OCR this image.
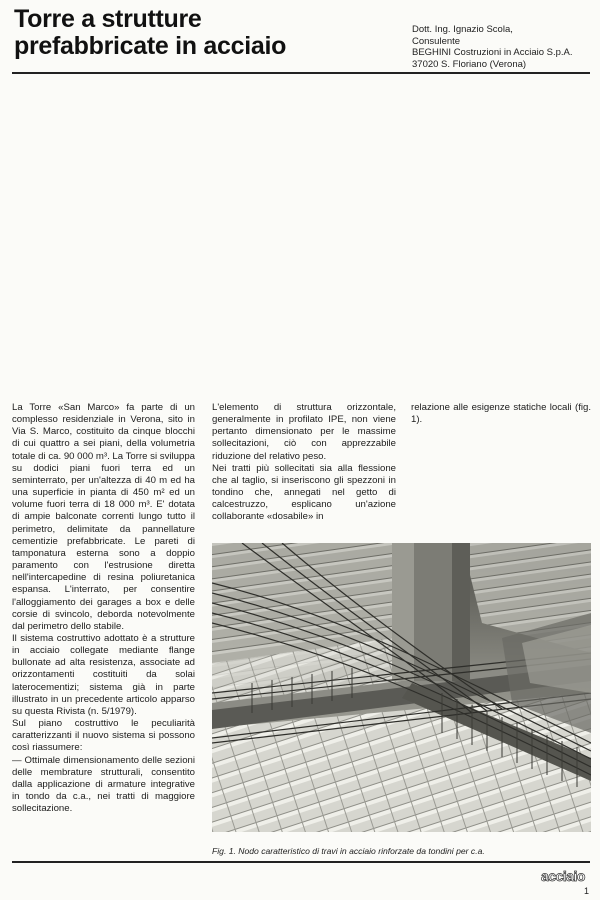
Torre a strutture prefabbricate in acciaio
Dott. Ing. Ignazio Scola,
Consulente
BEGHINI Costruzioni in Acciaio S.p.A.
37020 S. Floriano (Verona)

La Torre «San Marco» fa parte di un complesso residenziale in Verona, sito in Via S. Marco, costituito da cinque blocchi di cui quattro a sei piani, della volumetria totale di ca. 90 000 m³. La Torre si sviluppa su dodici piani fuori terra ed un seminterrato, per un'altezza di 40 m ed ha una superficie in pianta di 450 m² ed un volume fuori terra di 18 000 m³. E' dotata di ampie balconate correnti lungo tutto il perimetro, delimitate da pannellature cementizie prefabbricate. Le pareti di tamponatura esterna sono a doppio paramento con l'estrusione diretta nell'intercapedine di resina poliuretanica espansa. L'interrato, per consentire l'alloggiamento dei garages a box e delle corsie di svincolo, deborda notevolmente dal perimetro dello stabile.

Il sistema costruttivo adottato è a strutture in acciaio collegate mediante flange bullonate ad alta resistenza, associate ad orizzontamenti costituiti da solai laterocementizi; sistema già in parte illustrato in un precedente articolo apparso su questa Rivista (n. 5/1979).

Sul piano costruttivo le peculiarità caratterizzanti il nuovo sistema si possono così riassumere:

— Ottimale dimensionamento delle sezioni delle membrature strutturali, consentito dalla applicazione di armature integrative in tondo da c.a., nei tratti di maggiore sollecitazione.

L'elemento di struttura orizzontale, generalmente in profilato IPE, non viene pertanto dimensionato per le massime sollecitazioni, ciò con apprezzabile riduzione del relativo peso.

Nei tratti più sollecitati sia alla flessione che al taglio, si inseriscono gli spezzoni in tondino che, annegati nel getto di calcestruzzo, esplicano un'azione collaborante «dosabile» in

relazione alle esigenze statiche locali (fig. 1).

Fig. 1. Nodo caratteristico di travi in acciaio rinforzate da tondini per c.a.
acciaio
1
